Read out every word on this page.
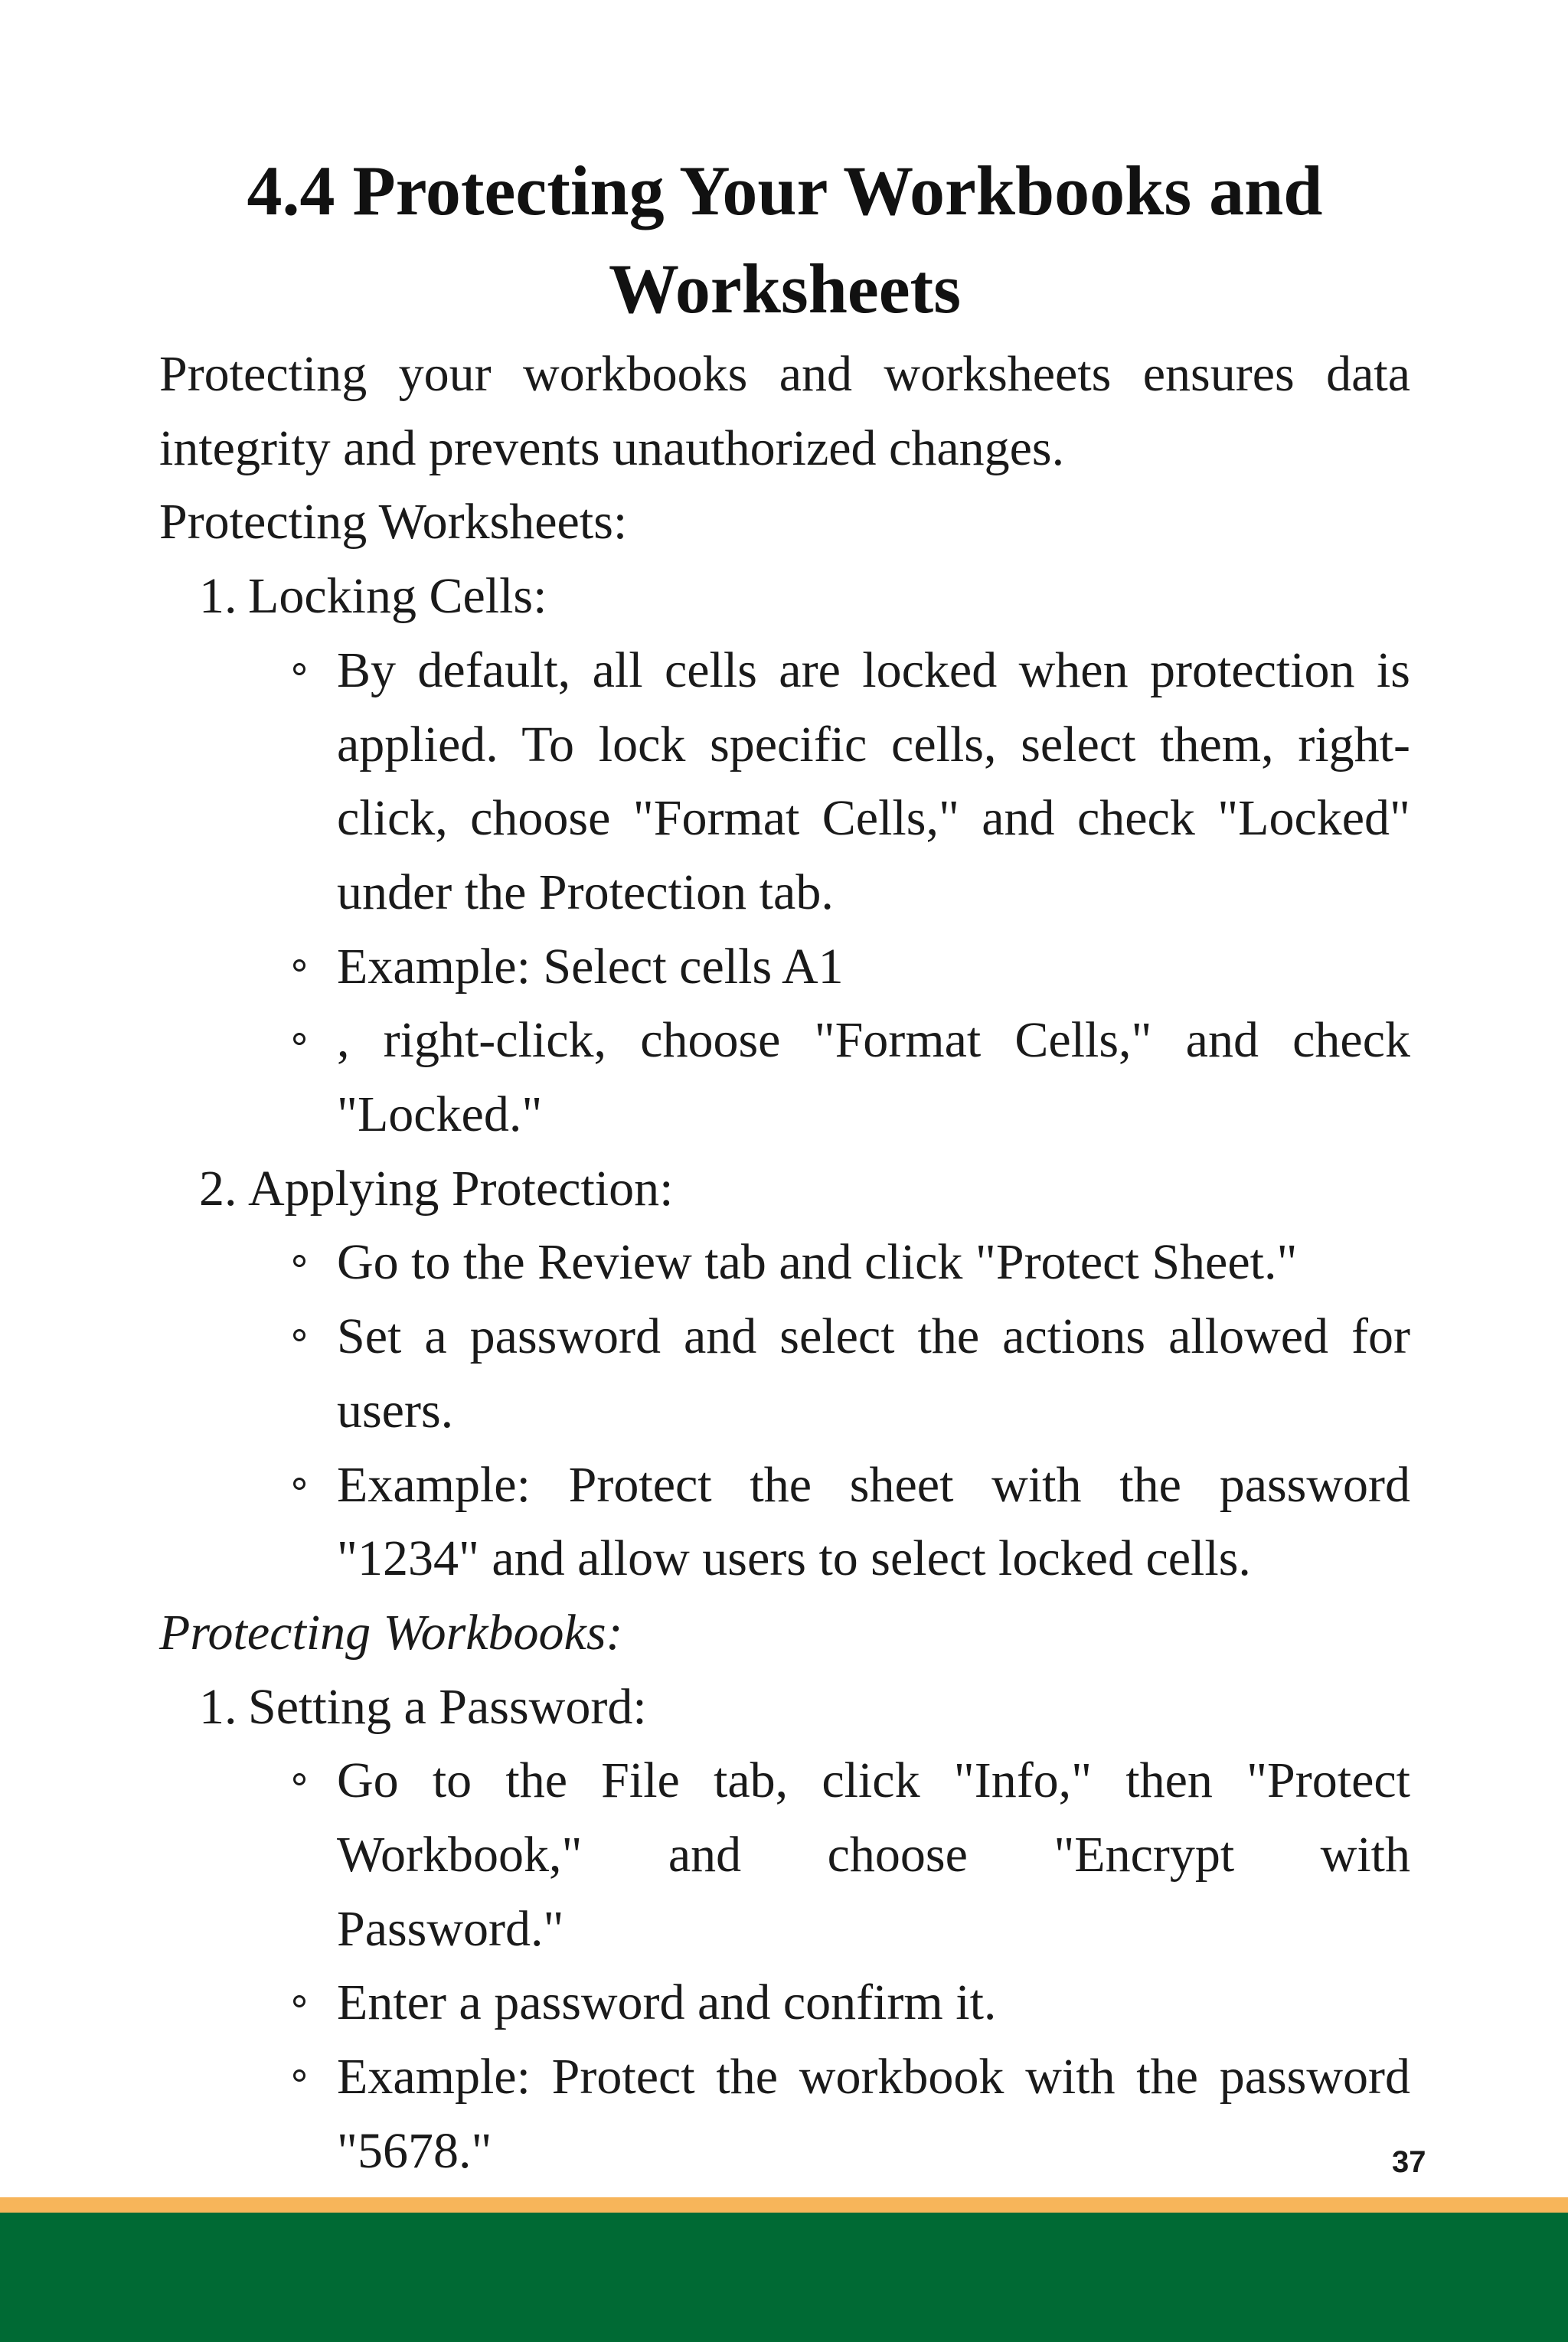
4.4 Protecting Your Workbooks and
Worksheets

Protecting your workbooks and worksheets ensures data integrity and prevents unauthorized changes.

Protecting Worksheets:

1. Locking Cells:
By default, all cells are locked when protection is applied. To lock specific cells, select them, right-click, choose "Format Cells," and check "Locked" under the Protection tab.
Example: Select cells A1
, right-click, choose "Format Cells," and check "Locked."
2. Applying Protection:
Go to the Review tab and click "Protect Sheet."
Set a password and select the actions allowed for users.
Example: Protect the sheet with the password "1234" and allow users to select locked cells.

Protecting Workbooks:

1. Setting a Password:
Go to the File tab, click "Info," then "Protect
Workbook," and choose "Encrypt with
Password."
Enter a password and confirm it.
Example: Protect the workbook with the password "5678."	37
